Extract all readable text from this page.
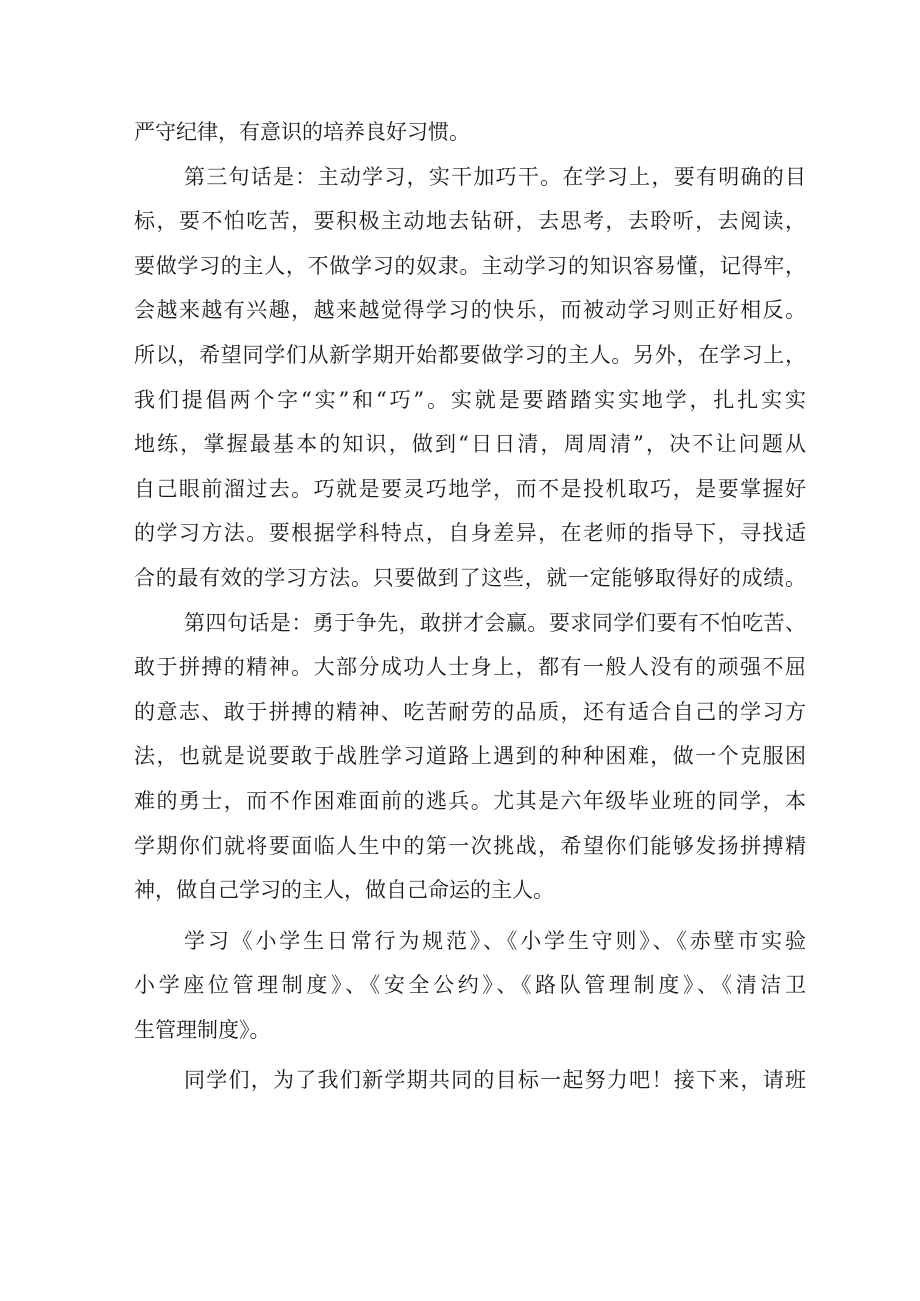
严守纪律，有意识的培养良好习惯。
第三句话是：主动学习，实干加巧干。在学习上，要有明确的目
标，要不怕吃苦，要积极主动地去钻研，去思考，去聆听，去阅读，
要做学习的主人，不做学习的奴隶。主动学习的知识容易懂，记得牢，
会越来越有兴趣，越来越觉得学习的快乐，而被动学习则正好相反。
所以，希望同学们从新学期开始都要做学习的主人。另外，在学习上，
我们提倡两个字“实”和“巧”。实就是要踏踏实实地学，扎扎实实
地练，掌握最基本的知识，做到“日日清，周周清”，决不让问题从
自己眼前溜过去。巧就是要灵巧地学，而不是投机取巧，是要掌握好
的学习方法。要根据学科特点，自身差异，在老师的指导下，寻找适
合的最有效的学习方法。只要做到了这些，就一定能够取得好的成绩。
第四句话是：勇于争先，敢拼才会赢。要求同学们要有不怕吃苦、
敢于拼搏的精神。大部分成功人士身上，都有一般人没有的顽强不屈
的意志、敢于拼搏的精神、吃苦耐劳的品质，还有适合自己的学习方
法，也就是说要敢于战胜学习道路上遇到的种种困难，做一个克服困
难的勇士，而不作困难面前的逃兵。尤其是六年级毕业班的同学，本
学期你们就将要面临人生中的第一次挑战，希望你们能够发扬拼搏精
神，做自己学习的主人，做自己命运的主人。
学习《小学生日常行为规范》、《小学生守则》、《赤壁市实验
小学座位管理制度》、《安全公约》、《路队管理制度》、《清洁卫
生管理制度》。
同学们，为了我们新学期共同的目标一起努力吧！接下来，请班
